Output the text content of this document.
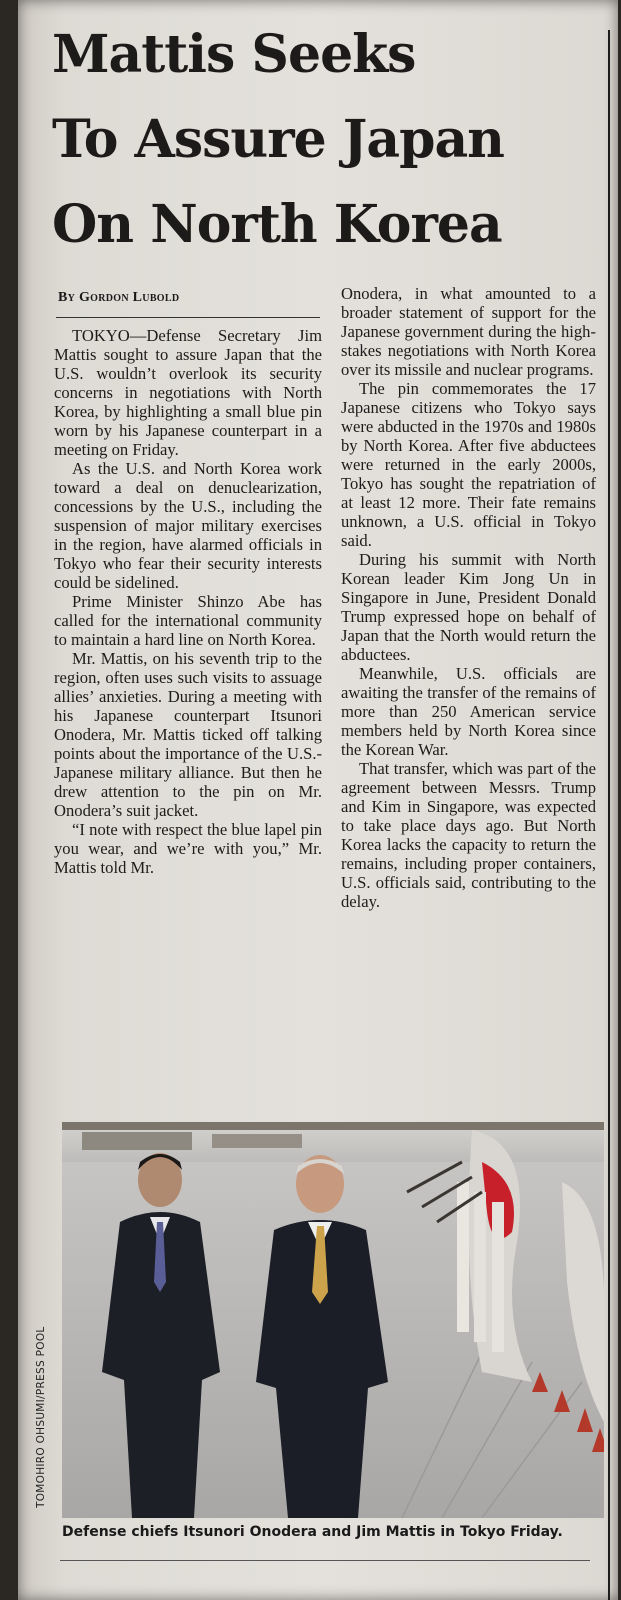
Mattis Seeks
To Assure Japan
On North Korea
By Gordon Lubold

TOKYO—Defense Secretary Jim Mattis sought to assure Japan that the U.S. wouldn’t overlook its security concerns in negotiations with North Korea, by highlighting a small blue pin worn by his Japanese counterpart in a meeting on Friday.

As the U.S. and North Korea work toward a deal on denuclearization, concessions by the U.S., including the suspension of major military exercises in the region, have alarmed officials in Tokyo who fear their security interests could be sidelined.

Prime Minister Shinzo Abe has called for the international community to maintain a hard line on North Korea.

Mr. Mattis, on his seventh trip to the region, often uses such visits to assuage allies’ anxieties. During a meeting with his Japanese counterpart Itsunori Onodera, Mr. Mattis ticked off talking points about the importance of the U.S.-Japanese military alliance. But then he drew attention to the pin on Mr. Onodera’s suit jacket.

“I note with respect the blue lapel pin you wear, and we’re with you,” Mr. Mattis told Mr.

Onodera, in what amounted to a broader statement of support for the Japanese government during the high-stakes negotiations with North Korea over its missile and nuclear programs.

The pin commemorates the 17 Japanese citizens who Tokyo says were abducted in the 1970s and 1980s by North Korea. After five abductees were returned in the early 2000s, Tokyo has sought the repatriation of at least 12 more. Their fate remains unknown, a U.S. official in Tokyo said.

During his summit with North Korean leader Kim Jong Un in Singapore in June, President Donald Trump expressed hope on behalf of Japan that the North would return the abductees.

Meanwhile, U.S. officials are awaiting the transfer of the remains of more than 250 American service members held by North Korea since the Korean War.

That transfer, which was part of the agreement between Messrs. Trump and Kim in Singapore, was expected to take place days ago. But North Korea lacks the capacity to return the remains, including proper containers, U.S. officials said, contributing to the delay.

TOMOHIRO OHSUMI/PRESS POOL
Defense chiefs Itsunori Onodera and Jim Mattis in Tokyo Friday.
